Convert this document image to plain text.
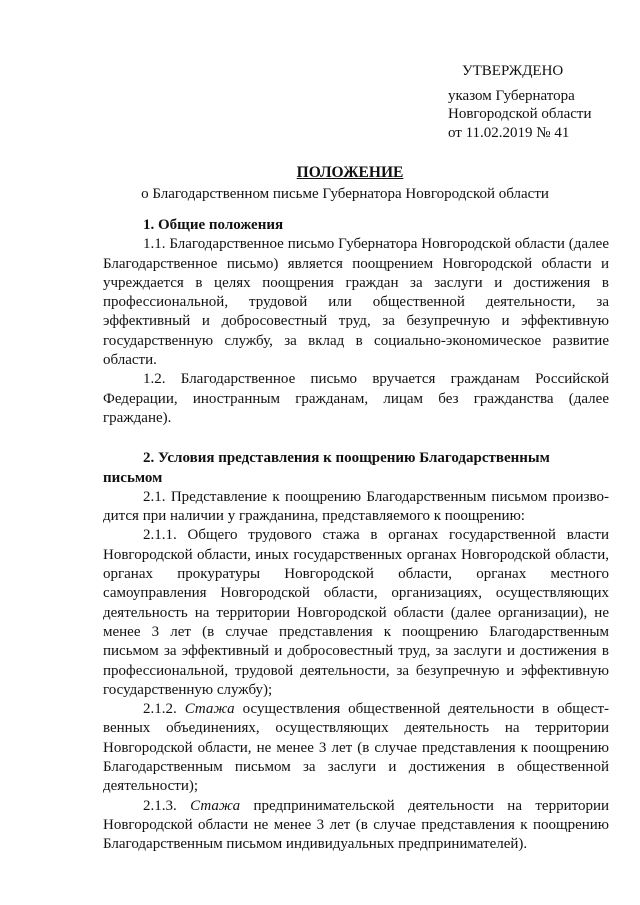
УТВЕРЖДЕНО
указом Губернатора
Новгородской области
от 11.02.2019 № 41
ПОЛОЖЕНИЕ
о Благодарственном письме Губернатора Новгородской области

1. Общие положения

1.1. Благодарственное письмо Губернатора Новгородской области (далее Благодарственное письмо) является поощрением Новгородской области и учреждается в целях поощрения граждан за заслуги и достижения в профессиональной, трудовой или общественной деятельности, за эффективный и добросовестный труд, за безупречную и эффективную государственную службу, за вклад в социально-экономическое развитие области.

1.2. Благодарственное письмо вручается гражданам Российской Федерации, иностранным гражданам, лицам без гражданства (далее граждане).

2. Условия представления к поощрению Благодарственным письмом

2.1. Представление к поощрению Благодарственным письмом произво-дится при наличии у гражданина, представляемого к поощрению:

2.1.1. Общего трудового стажа в органах государственной власти Новгородской области, иных государственных органах Новгородской области, органах прокуратуры Новгородской области, органах местного самоуправления Новгородской области, организациях, осуществляющих деятельность на территории Новгородской области (далее организации), не менее 3 лет (в случае представления к поощрению Благодарственным письмом за эффективный и добросовестный труд, за заслуги и достижения в профессиональной, трудовой деятельности, за безупречную и эффективную государственную службу);

2.1.2. Стажа осуществления общественной деятельности в общест-венных объединениях, осуществляющих деятельность на территории Новгородской области, не менее 3 лет (в случае представления к поощрению Благодарственным письмом за заслуги и достижения в общественной деятельности);

2.1.3. Стажа предпринимательской деятельности на территории Новгородской области не менее 3 лет (в случае представления к поощрению Благодарственным письмом индивидуальных предпринимателей).
